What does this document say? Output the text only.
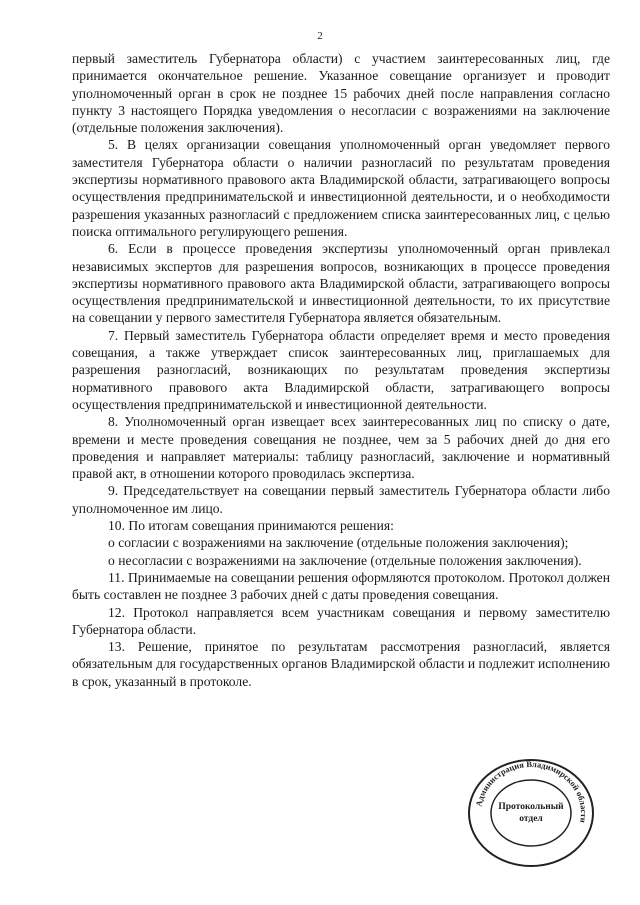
2

первый заместитель Губернатора области) с участием заинтересованных лиц, где принимается окончательное решение. Указанное совещание организует и проводит уполномоченный орган в срок не позднее 15 рабочих дней после направления согласно пункту 3 настоящего Порядка уведомления о несогласии с возражениями на заключение (отдельные положения заключения).

5. В целях организации совещания уполномоченный орган уведомляет первого заместителя Губернатора области о наличии разногласий по результатам проведения экспертизы нормативного правового акта Владимирской области, затрагивающего вопросы осуществления предпринимательской и инвестиционной деятельности, и о необходимости разрешения указанных разногласий с предложением списка заинтересованных лиц, с целью поиска оптимального регулирующего решения.

6. Если в процессе проведения экспертизы уполномоченный орган привлекал независимых экспертов для разрешения вопросов, возникающих в процессе проведения экспертизы нормативного правового акта Владимирской области, затрагивающего вопросы осуществления предпринимательской и инвестиционной деятельности, то их присутствие на совещании у первого заместителя Губернатора является обязательным.

7. Первый заместитель Губернатора области определяет время и место проведения совещания, а также утверждает список заинтересованных лиц, приглашаемых для разрешения разногласий, возникающих по результатам проведения экспертизы нормативного правового акта Владимирской области, затрагивающего вопросы осуществления предпринимательской и инвестиционной деятельности.

8. Уполномоченный орган извещает всех заинтересованных лиц по списку о дате, времени и месте проведения совещания не позднее, чем за 5 рабочих дней до дня его проведения и направляет материалы: таблицу разногласий, заключение и нормативный правой акт, в отношении которого проводилась экспертиза.

9. Председательствует на совещании первый заместитель Губернатора области либо уполномоченное им лицо.

10. По итогам совещания принимаются решения:

о согласии с возражениями на заключение (отдельные положения заключения);

о несогласии с возражениями на заключение (отдельные положения заключения).

11. Принимаемые на совещании решения оформляются протоколом. Протокол должен быть составлен не позднее 3 рабочих дней с даты проведения совещания.

12. Протокол направляется всем участникам совещания и первому заместителю Губернатора области.

13. Решение, принятое по результатам рассмотрения разногласий, является обязательным для государственных органов Владимирской области и подлежит исполнению в срок, указанный в протоколе.

Администрация Владимирской области
Протокольный
отдел
